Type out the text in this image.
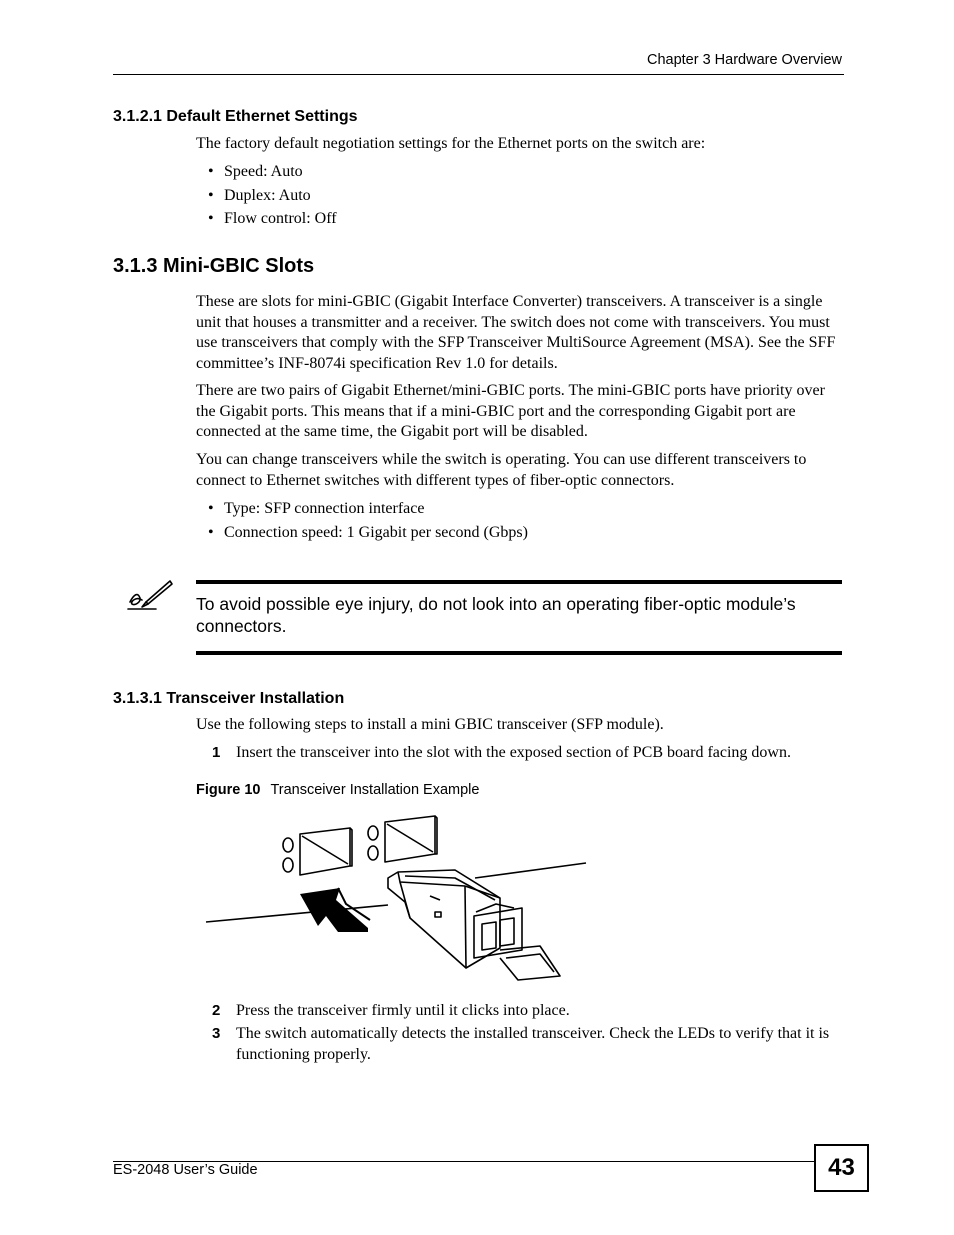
Chapter 3 Hardware Overview
3.1.2.1 Default Ethernet Settings
The factory default negotiation settings for the Ethernet ports on the switch are:
• Speed: Auto
• Duplex: Auto
• Flow control: Off
3.1.3 Mini-GBIC Slots
These are slots for mini-GBIC (Gigabit Interface Converter) transceivers. A transceiver is a single unit that houses a transmitter and a receiver. The switch does not come with transceivers. You must use transceivers that comply with the SFP Transceiver MultiSource Agreement (MSA). See the SFF committee’s INF-8074i specification Rev 1.0 for details.
There are two pairs of Gigabit Ethernet/mini-GBIC ports. The mini-GBIC ports have priority over the Gigabit ports. This means that if a mini-GBIC port and the corresponding Gigabit port are connected at the same time, the Gigabit port will be disabled.
You can change transceivers while the switch is operating. You can use different transceivers to connect to Ethernet switches with different types of fiber-optic connectors.
• Type: SFP connection interface
• Connection speed: 1 Gigabit per second (Gbps)
To avoid possible eye injury, do not look into an operating fiber-optic module’s connectors.
3.1.3.1 Transceiver Installation
Use the following steps to install a mini GBIC transceiver (SFP module).
1 Insert the transceiver into the slot with the exposed section of PCB board facing down.
Figure 10 Transceiver Installation Example
2 Press the transceiver firmly until it clicks into place.
3 The switch automatically detects the installed transceiver. Check the LEDs to verify that it is functioning properly.
ES-2048 User’s Guide	43
